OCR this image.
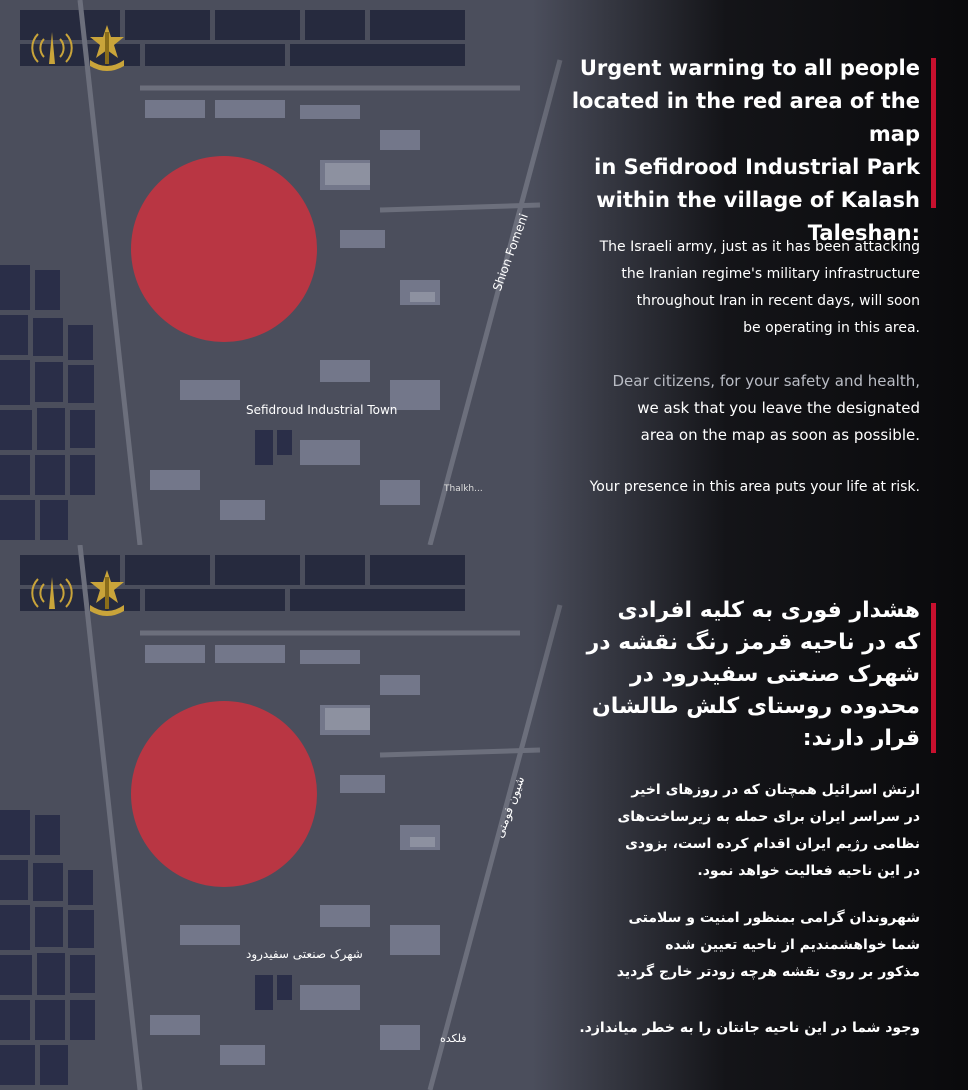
Shion Fomeni
Sefidroud Industrial Town
Thalkh...
Urgent warning to all people
located in the red area of the map
in Sefidrood Industrial Park
within the village of Kalash
Taleshan:
The Israeli army, just as it has been attacking
the Iranian regime's military infrastructure
throughout Iran in recent days, will soon
be operating in this area.
Dear citizens, for your safety and health,
we ask that you leave the designated
area on the map as soon as possible.
Your presence in this area puts your life at risk.
شیون فومنی
شهرک صنعتی سفیدرود
فلکده
هشدار فوری به کلیه افرادی
که در ناحیه قرمز رنگ نقشه در
شهرک صنعتی سفیدرود در
محدوده روستای کلش طالشان
قرار دارند:
ارتش اسرائیل همچنان که در روزهای اخیر
در سراسر ایران برای حمله به زیرساخت‌های
نظامی رژیم ایران اقدام کرده است، بزودی
در این ناحیه فعالیت خواهد نمود.
شهروندان گرامی بمنظور امنیت و سلامتی
شما خواهشمندیم از ناحیه تعیین شده
مذکور بر روی نقشه هرچه زودتر خارج گردید
وجود شما در این ناحیه جانتان را به خطر میاندازد.
